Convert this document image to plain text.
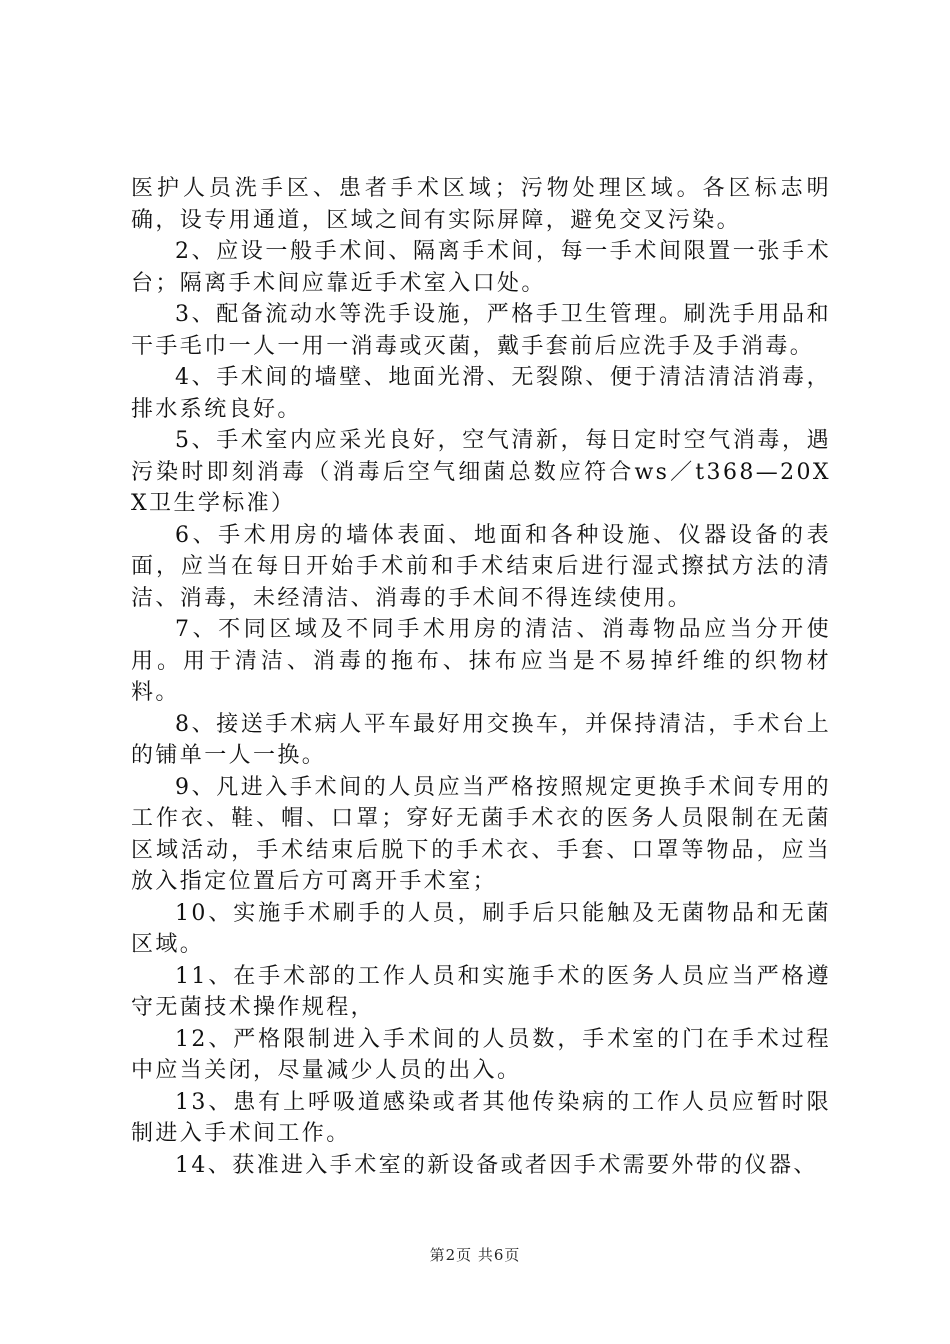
医护人员洗手区、患者手术区域；污物处理区域。各区标志明确，设专用通道，区域之间有实际屏障，避免交叉污染。

2、应设一般手术间、隔离手术间，每一手术间限置一张手术台；隔离手术间应靠近手术室入口处。

3、配备流动水等洗手设施，严格手卫生管理。刷洗手用品和干手毛巾一人一用一消毒或灭菌，戴手套前后应洗手及手消毒。

4、手术间的墙壁、地面光滑、无裂隙、便于清洁清洁消毒，排水系统良好。

5、手术室内应采光良好，空气清新，每日定时空气消毒，遇污染时即刻消毒（消毒后空气细菌总数应符合ws／t368—20XX卫生学标准）

6、手术用房的墙体表面、地面和各种设施、仪器设备的表面，应当在每日开始手术前和手术结束后进行湿式擦拭方法的清洁、消毒，未经清洁、消毒的手术间不得连续使用。

7、不同区域及不同手术用房的清洁、消毒物品应当分开使用。用于清洁、消毒的拖布、抹布应当是不易掉纤维的织物材料。

8、接送手术病人平车最好用交换车，并保持清洁，手术台上的铺单一人一换。

9、凡进入手术间的人员应当严格按照规定更换手术间专用的工作衣、鞋、帽、口罩；穿好无菌手术衣的医务人员限制在无菌区域活动，手术结束后脱下的手术衣、手套、口罩等物品，应当放入指定位置后方可离开手术室；

10、实施手术刷手的人员，刷手后只能触及无菌物品和无菌区域。

11、在手术部的工作人员和实施手术的医务人员应当严格遵守无菌技术操作规程，

12、严格限制进入手术间的人员数，手术室的门在手术过程中应当关闭，尽量减少人员的出入。

13、患有上呼吸道感染或者其他传染病的工作人员应暂时限制进入手术间工作。

14、获准进入手术室的新设备或者因手术需要外带的仪器、

第2页 共6页
